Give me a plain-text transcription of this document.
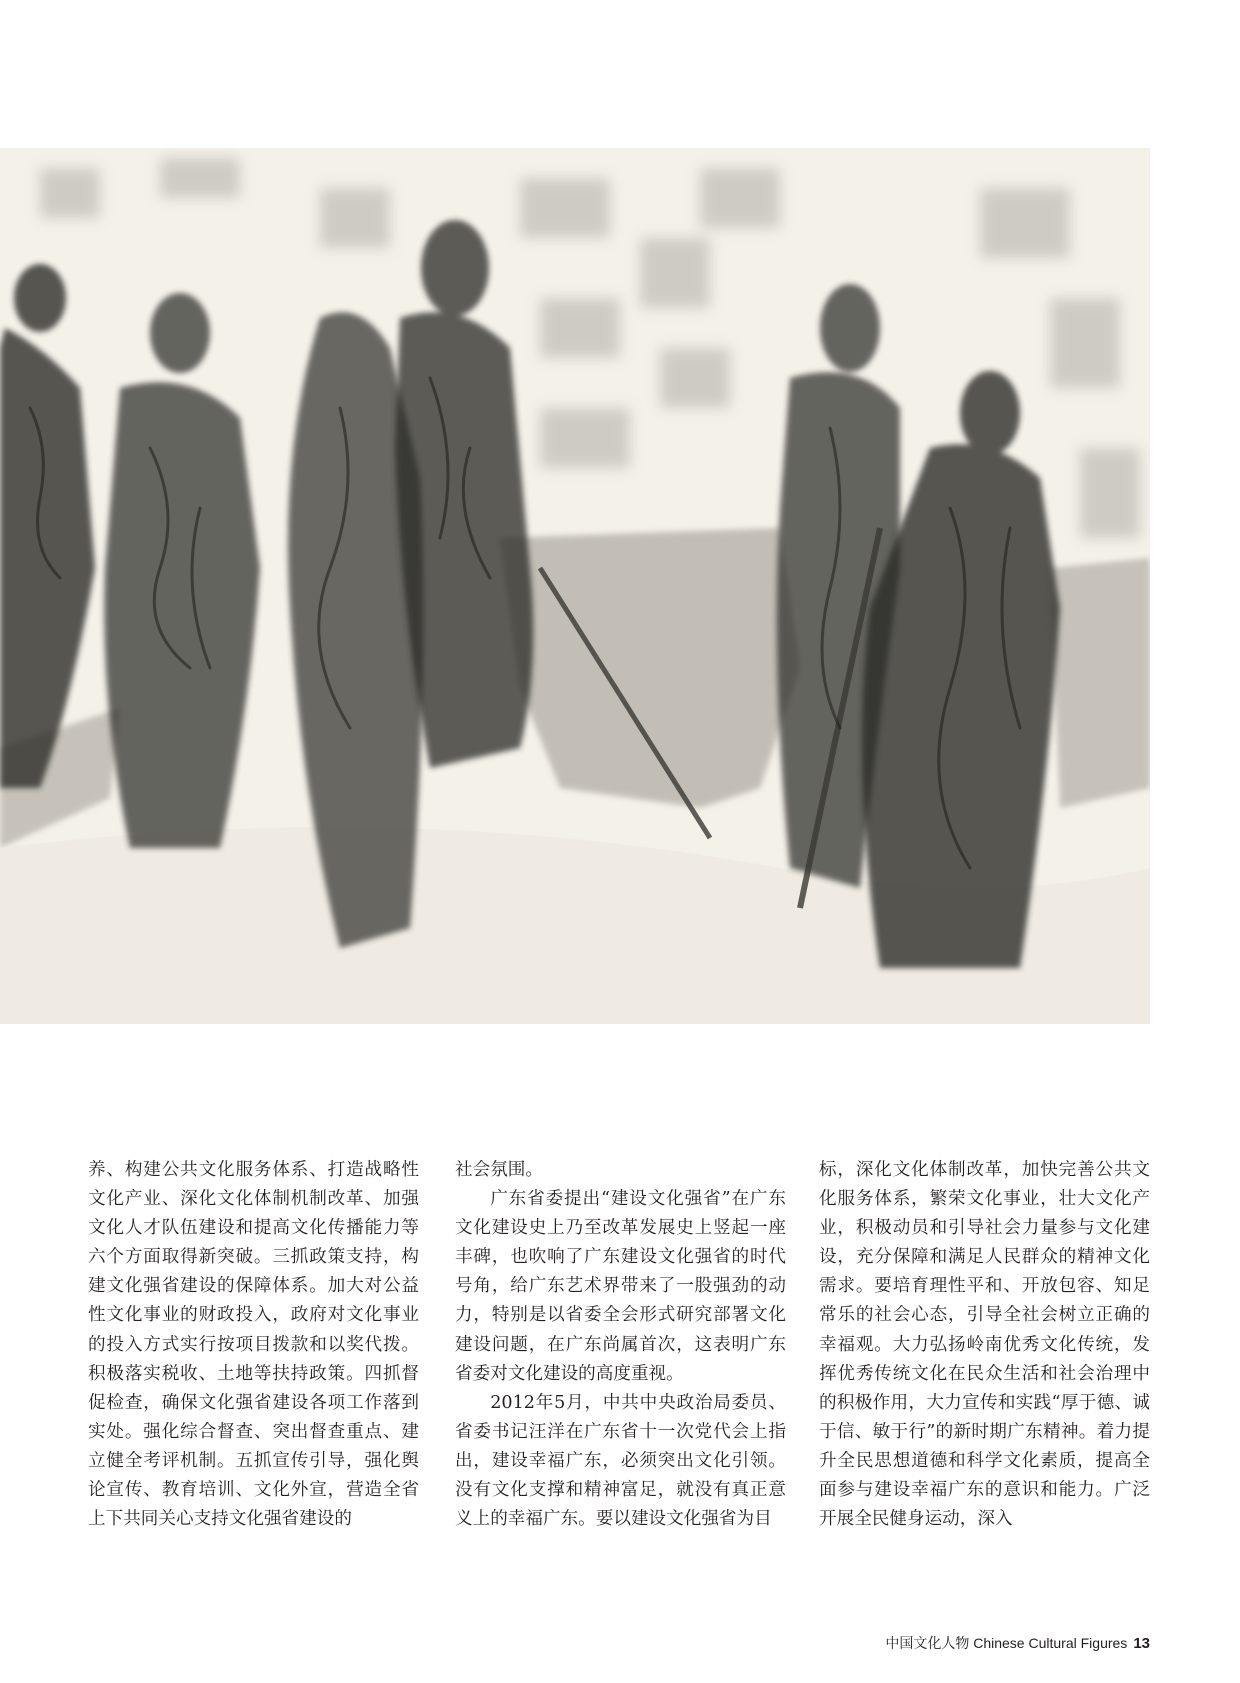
养、构建公共文化服务体系、打造战略性文化产业、深化文化体制机制改革、加强文化人才队伍建设和提高文化传播能力等六个方面取得新突破。三抓政策支持，构建文化强省建设的保障体系。加大对公益性文化事业的财政投入，政府对文化事业的投入方式实行按项目拨款和以奖代拨。积极落实税收、土地等扶持政策。四抓督促检查，确保文化强省建设各项工作落到实处。强化综合督查、突出督查重点、建立健全考评机制。五抓宣传引导，强化舆论宣传、教育培训、文化外宣，营造全省上下共同关心支持文化强省建设的

社会氛围。

广东省委提出“建设文化强省”在广东文化建设史上乃至改革发展史上竖起一座丰碑，也吹响了广东建设文化强省的时代号角，给广东艺术界带来了一股强劲的动力，特别是以省委全会形式研究部署文化建设问题，在广东尚属首次，这表明广东省委对文化建设的高度重视。

2012年5月，中共中央政治局委员、省委书记汪洋在广东省十一次党代会上指出，建设幸福广东，必须突出文化引领。没有文化支撑和精神富足，就没有真正意义上的幸福广东。要以建设文化强省为目

标，深化文化体制改革，加快完善公共文化服务体系，繁荣文化事业，壮大文化产业，积极动员和引导社会力量参与文化建设，充分保障和满足人民群众的精神文化需求。要培育理性平和、开放包容、知足常乐的社会心态，引导全社会树立正确的幸福观。大力弘扬岭南优秀文化传统，发挥优秀传统文化在民众生活和社会治理中的积极作用，大力宣传和实践“厚于德、诚于信、敏于行”的新时期广东精神。着力提升全民思想道德和科学文化素质，提高全面参与建设幸福广东的意识和能力。广泛开展全民健身运动，深入

中国文化人物 Chinese Cultural Figures 13
